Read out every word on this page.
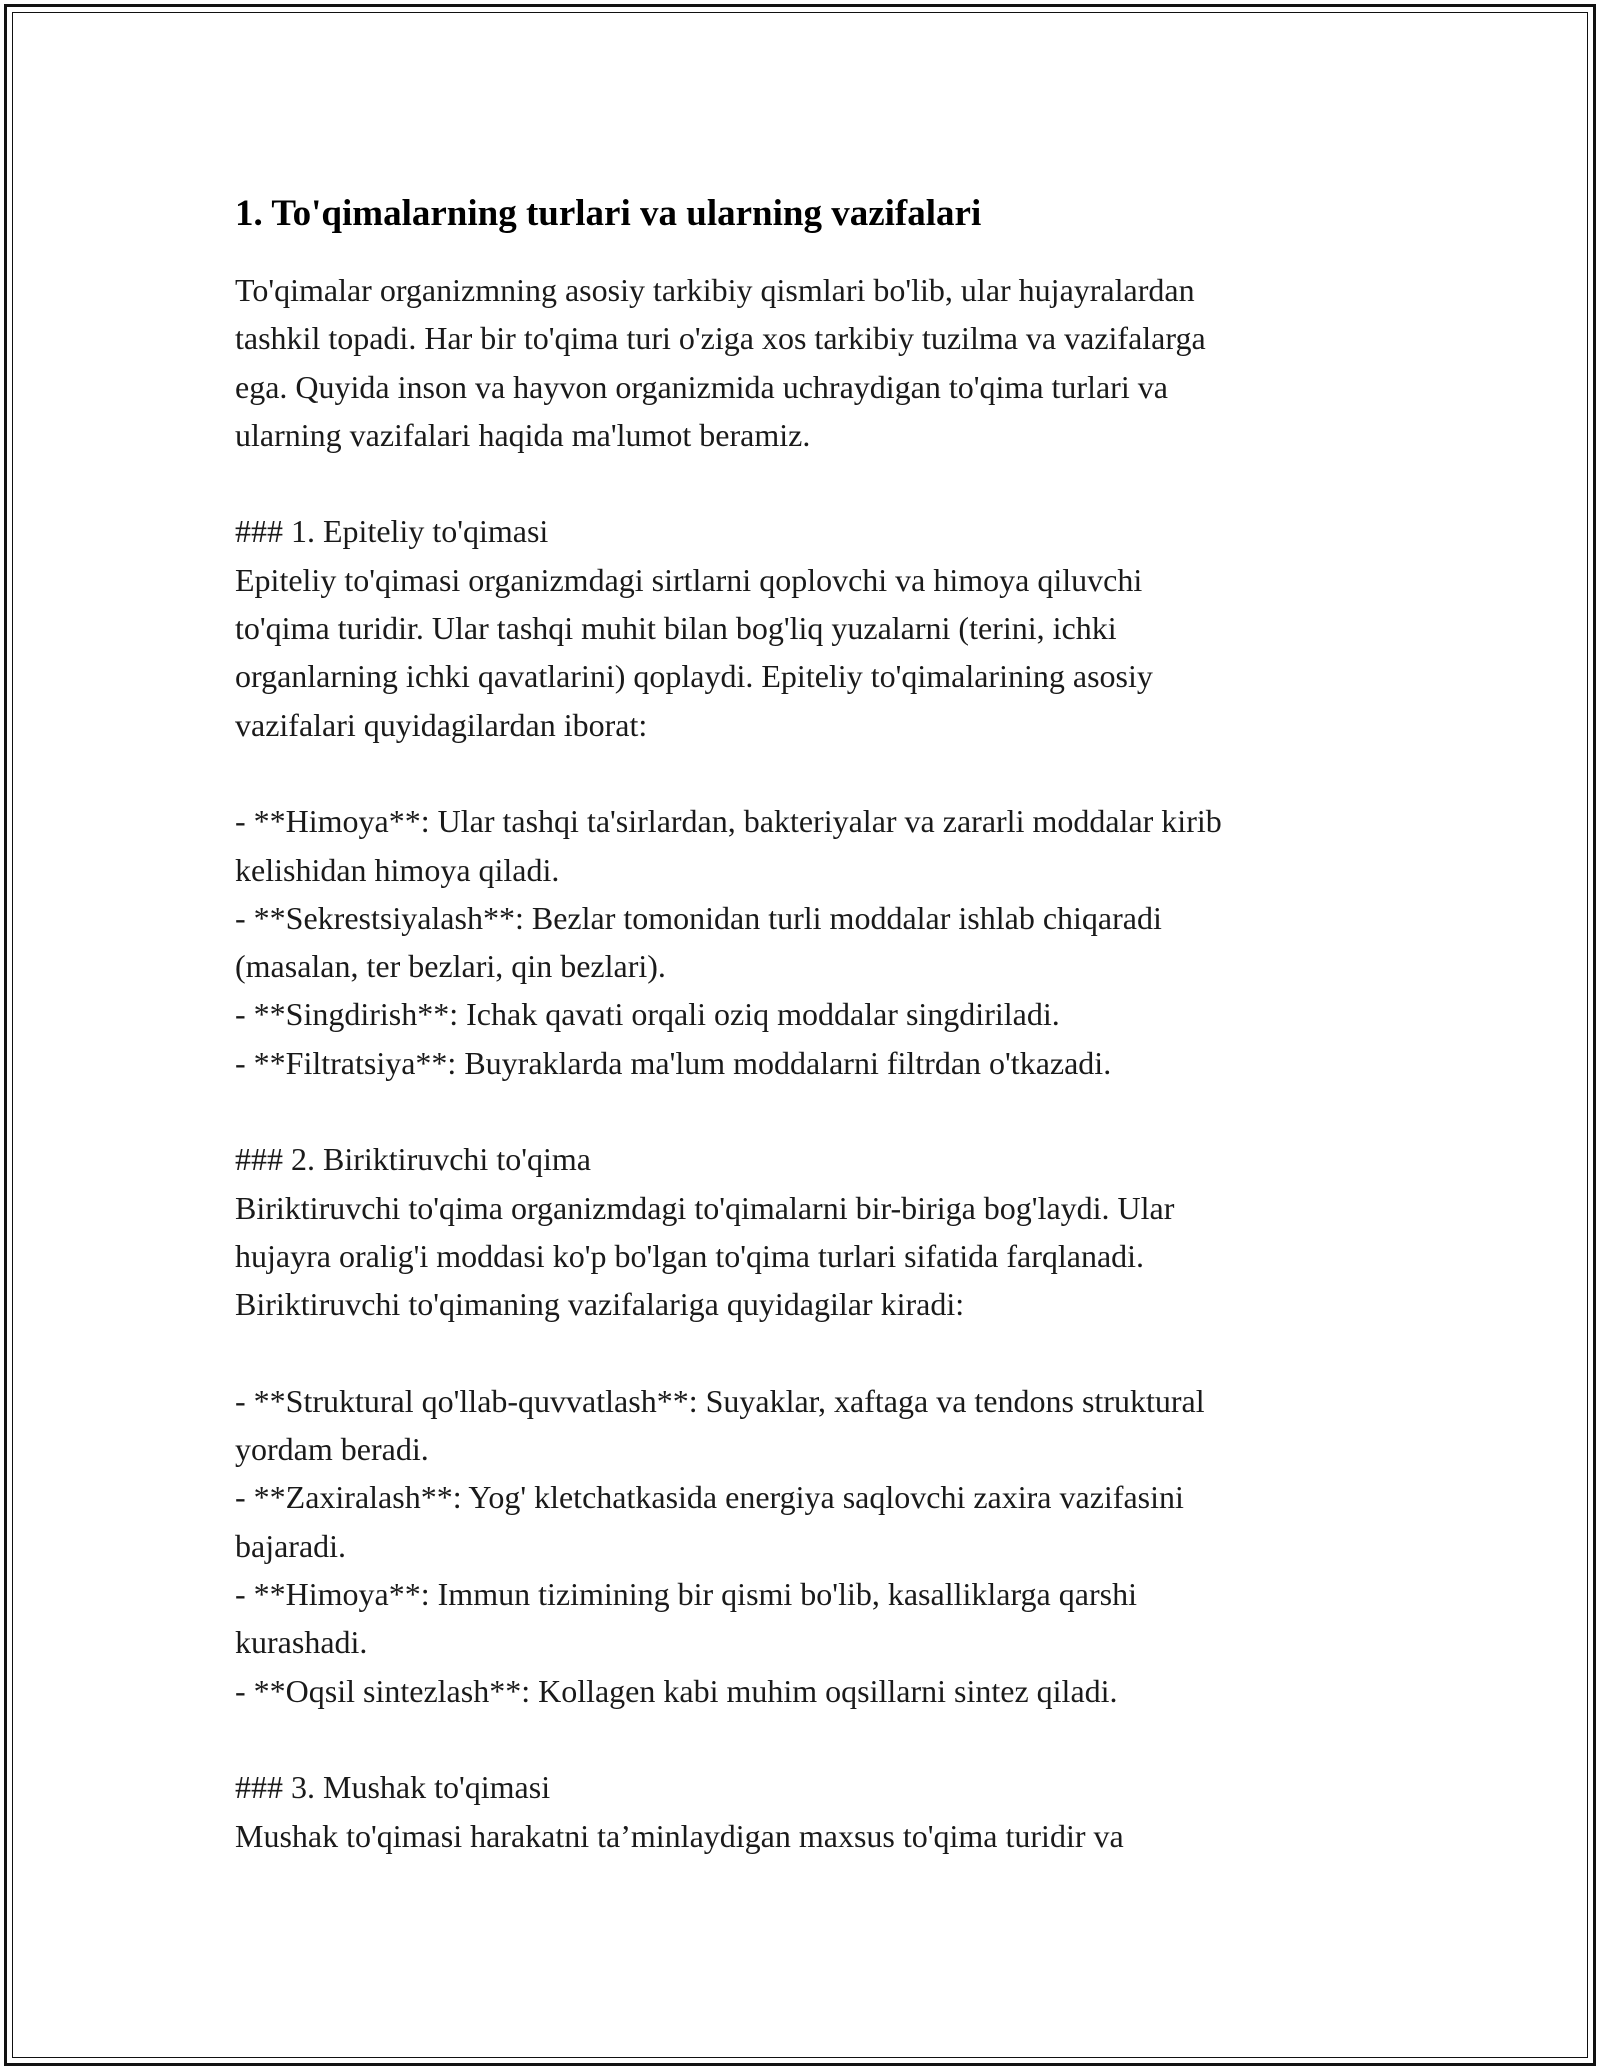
1. To'qimalarning turlari va ularning vazifalari
To'qimalar organizmning asosiy tarkibiy qismlari bo'lib, ular hujayralardan
tashkil topadi. Har bir to'qima turi o'ziga xos tarkibiy tuzilma va vazifalarga
ega. Quyida inson va hayvon organizmida uchraydigan to'qima turlari va
ularning vazifalari haqida ma'lumot beramiz.
### 1. Epiteliy to'qimasi
Epiteliy to'qimasi organizmdagi sirtlarni qoplovchi va himoya qiluvchi
to'qima turidir. Ular tashqi muhit bilan bog'liq yuzalarni (terini, ichki
organlarning ichki qavatlarini) qoplaydi. Epiteliy to'qimalarining asosiy
vazifalari quyidagilardan iborat:
- **Himoya**: Ular tashqi ta'sirlardan, bakteriyalar va zararli moddalar kirib
kelishidan himoya qiladi.
- **Sekrestsiyalash**: Bezlar tomonidan turli moddalar ishlab chiqaradi
(masalan, ter bezlari, qin bezlari).
- **Singdirish**: Ichak qavati orqali oziq moddalar singdiriladi.
- **Filtratsiya**: Buyraklarda ma'lum moddalarni filtrdan o'tkazadi.
### 2. Biriktiruvchi to'qima
Biriktiruvchi to'qima organizmdagi to'qimalarni bir-biriga bog'laydi. Ular
hujayra oralig'i moddasi ko'p bo'lgan to'qima turlari sifatida farqlanadi.
Biriktiruvchi to'qimaning vazifalariga quyidagilar kiradi:
- **Struktural qo'llab-quvvatlash**: Suyaklar, xaftaga va tendons struktural
yordam beradi.
- **Zaxiralash**: Yog' kletchatkasida energiya saqlovchi zaxira vazifasini
bajaradi.
- **Himoya**: Immun tizimining bir qismi bo'lib, kasalliklarga qarshi
kurashadi.
- **Oqsil sintezlash**: Kollagen kabi muhim oqsillarni sintez qiladi.
### 3. Mushak to'qimasi
Mushak to'qimasi harakatni ta’minlaydigan maxsus to'qima turidir va
